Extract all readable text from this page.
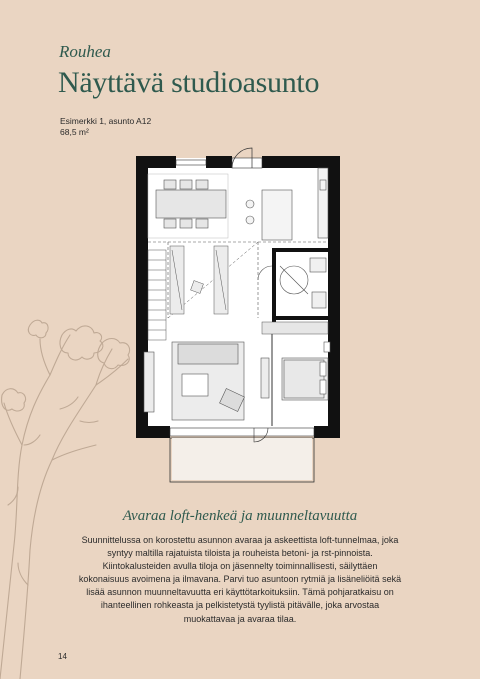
Rouhea
Näyttävä studioasunto
Esimerkki 1, asunto A12
68,5 m²
Avaraa loft-henkeä ja muunneltavuutta
Suunnittelussa on korostettu asunnon avaraa ja askeettista loft-tunnelmaa, joka syntyy maltilla rajatuista tiloista ja rouheista betoni- ja rst-pinnoista. Kiintokalusteiden avulla tiloja on jäsennelty toiminnallisesti, säilyttäen kokonaisuus avoimena ja ilmavana. Parvi tuo asuntoon rytmiä ja lisäneliöitä sekä lisää asunnon muunneltavuutta eri käyttötarkoituksiin. Tämä pohjaratkaisu on ihanteellinen rohkeasta ja pelkistetystä tyylistä pitävälle, joka arvostaa muokattavaa ja avaraa tilaa.
14
